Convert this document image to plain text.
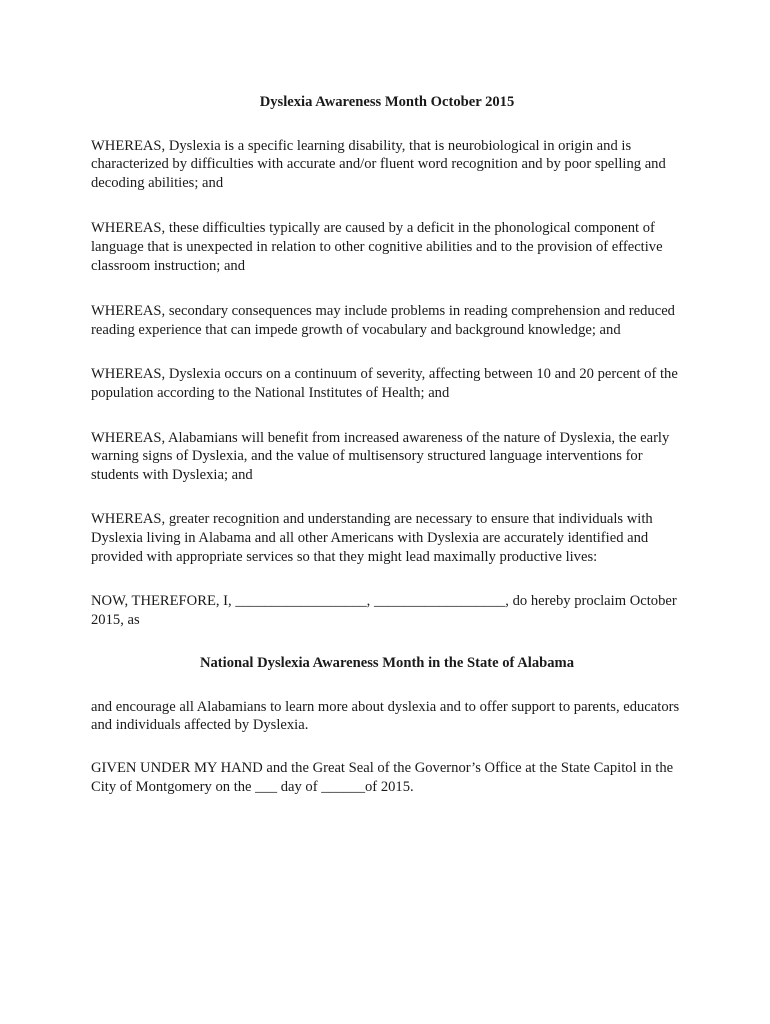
Dyslexia Awareness Month October 2015
WHEREAS, Dyslexia is a specific learning disability, that is neurobiological in origin and is characterized by difficulties with accurate and/or fluent word recognition and by poor spelling and decoding abilities; and
WHEREAS, these difficulties typically are caused by a deficit in the phonological component of language that is unexpected in relation to other cognitive abilities and to the provision of effective classroom instruction; and
WHEREAS, secondary consequences may include problems in reading comprehension and reduced reading experience that can impede growth of vocabulary and background knowledge; and
WHEREAS, Dyslexia occurs on a continuum of severity, affecting between 10 and 20 percent of the population according to the National Institutes of Health; and
WHEREAS, Alabamians will benefit from increased awareness of the nature of Dyslexia, the early warning signs of Dyslexia, and the value of multisensory structured language interventions for students with Dyslexia; and
WHEREAS, greater recognition and understanding are necessary to ensure that individuals with Dyslexia living in Alabama and all other Americans with Dyslexia are accurately identified and provided with appropriate services so that they might lead maximally productive lives:
NOW, THEREFORE, I, __________________, __________________, do hereby proclaim October 2015, as
National Dyslexia Awareness Month in the State of Alabama
and encourage all Alabamians to learn more about dyslexia and to offer support to parents, educators and individuals affected by Dyslexia.
GIVEN UNDER MY HAND and the Great Seal of the Governor’s Office at the State Capitol in the City of Montgomery on the ___ day of ______of 2015.
